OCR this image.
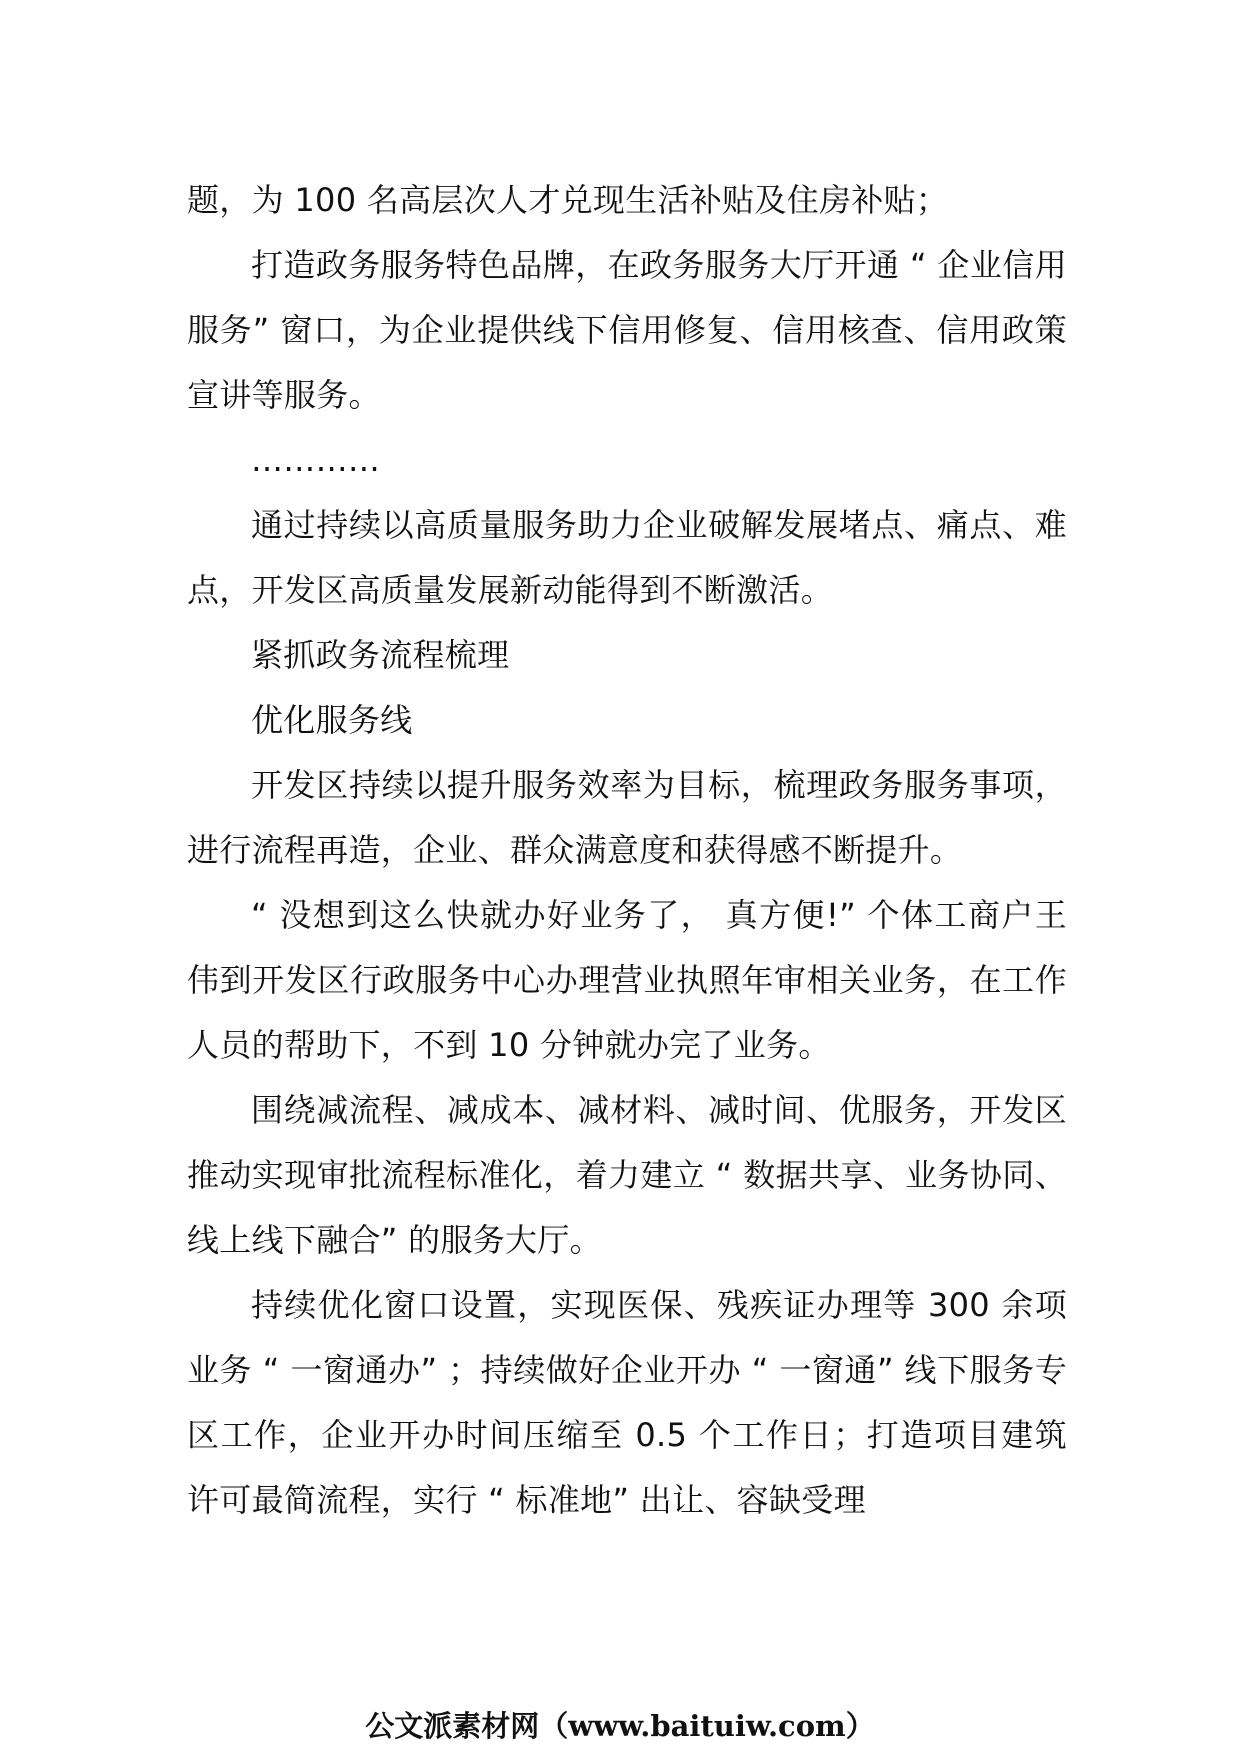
题，为 100 名高层次人才兑现生活补贴及住房补贴；

打造政务服务特色品牌，在政务服务大厅开通 “ 企业信用服务” 窗口，为企业提供线下信用修复、信用核查、信用政策宣讲等服务。

…………

通过持续以高质量服务助力企业破解发展堵点、痛点、难点，开发区高质量发展新动能得到不断激活。

紧抓政务流程梳理

优化服务线

开发区持续以提升服务效率为目标，梳理政务服务事项，进行流程再造，企业、群众满意度和获得感不断提升。

“ 没想到这么快就办好业务了， 真方便!” 个体工商户王伟到开发区行政服务中心办理营业执照年审相关业务，在工作人员的帮助下，不到 10 分钟就办完了业务。

围绕减流程、减成本、减材料、减时间、优服务，开发区推动实现审批流程标准化，着力建立 “ 数据共享、业务协同、线上线下融合” 的服务大厅。

持续优化窗口设置，实现医保、残疾证办理等 300 余项业务 “ 一窗通办” ；持续做好企业开办 “ 一窗通” 线下服务专区工作，企业开办时间压缩至 0.5 个工作日；打造项目建筑许可最简流程，实行 “ 标准地” 出让、容缺受理

公文派素材网（www.baituiw.com）
